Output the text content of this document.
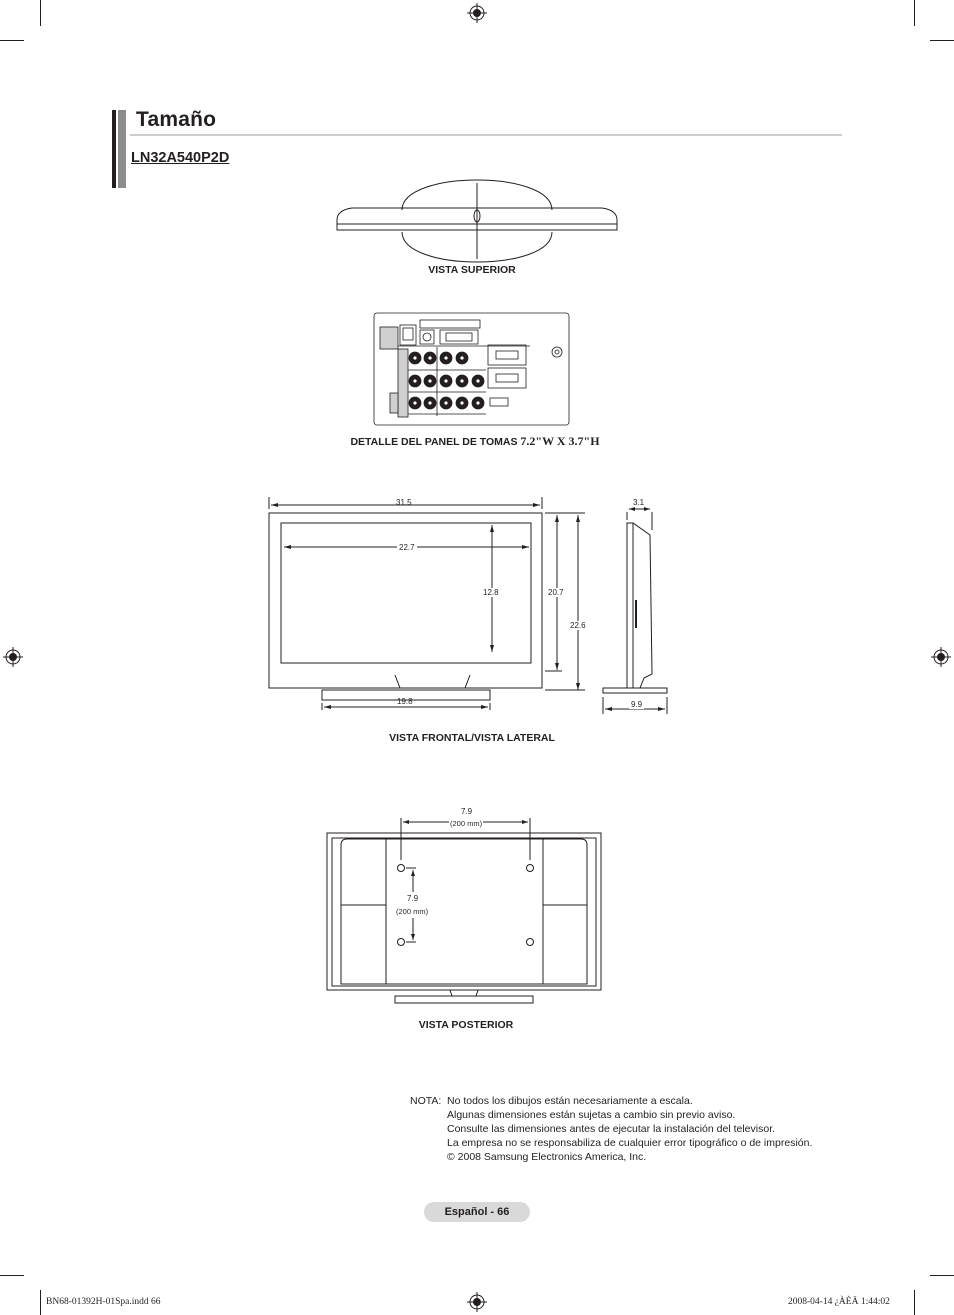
Tamaño
LN32A540P2D
VISTA SUPERIOR
DETALLE DEL PANEL DE TOMAS 7.2"W X 3.7"H
VISTA FRONTAL/VISTA LATERAL
VISTA POSTERIOR
31.5
22.7
12.8	20.7
22.6
19.8
3.1
9.9
7.9
(200 mm)
7.9
(200 mm)
NOTA: No todos los dibujos están necesariamente a escala.
Algunas dimensiones están sujetas a cambio sin previo aviso.
Consulte las dimensiones antes de ejecutar la instalación del televisor.
La empresa no se responsabiliza de cualquier error tipográfico o de impresión.
© 2008 Samsung Electronics America, Inc.
Español - 66
BN68-01392H-01Spa.indd 66	2008-04-14 ¿ÀÈÄ 1:44:02
